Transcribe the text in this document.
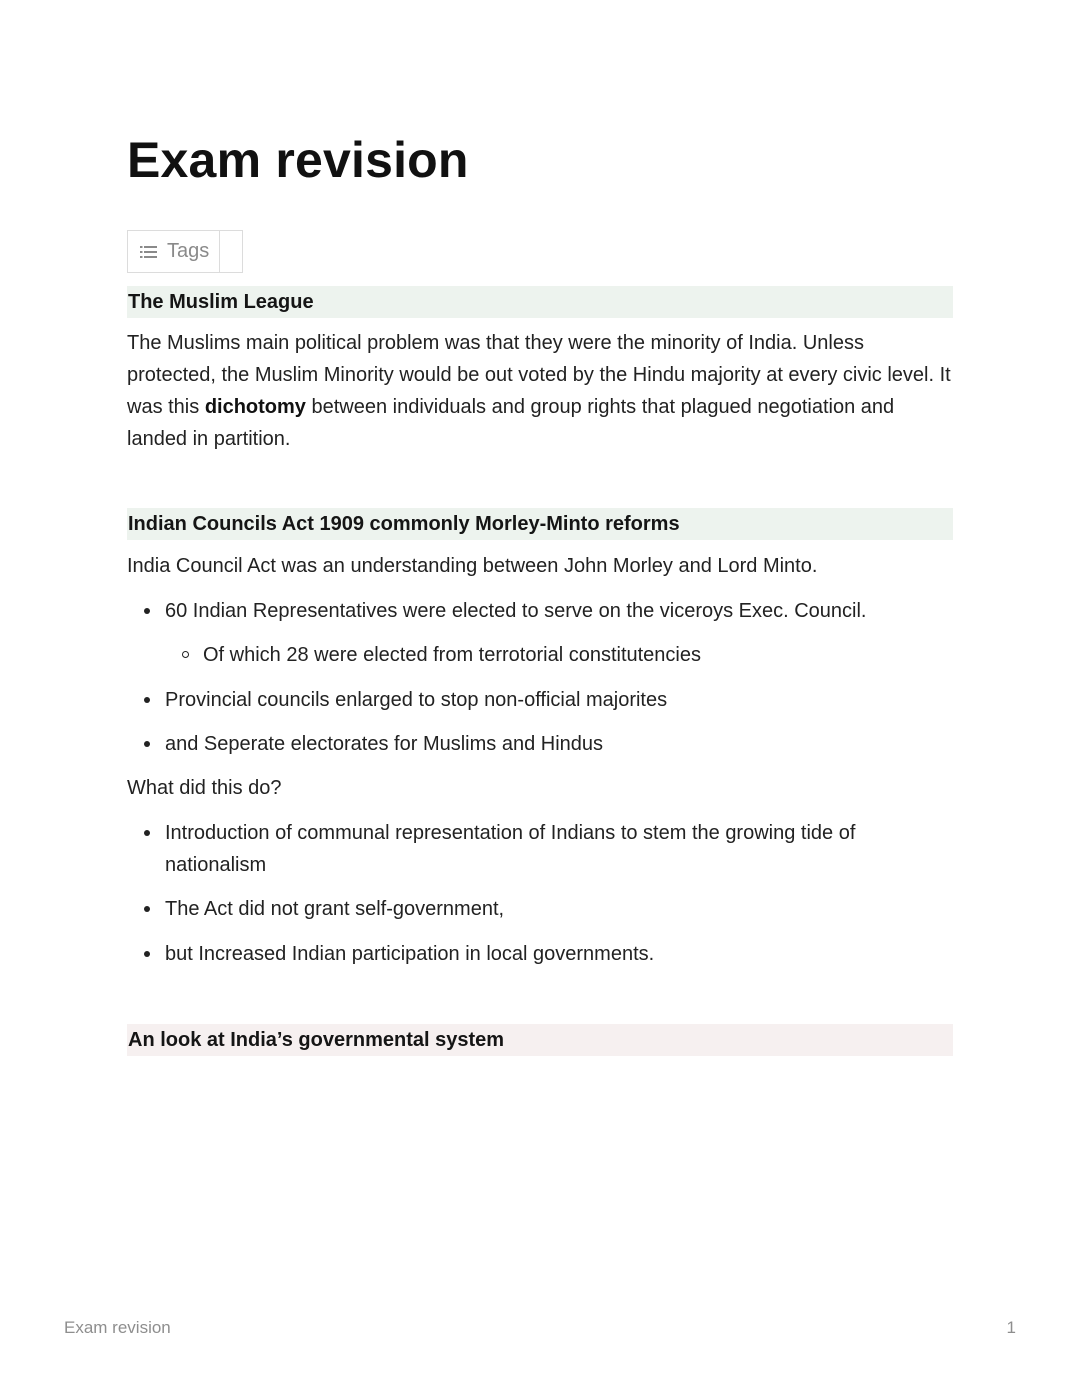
Exam revision
Tags
The Muslim League

The Muslims main political problem was that they were the minority of India. Unless protected, the Muslim Minority would be out voted by the Hindu majority at every civic level. It was this dichotomy between individuals and group rights that plagued negotiation and landed in partition.

Indian Councils Act 1909 commonly Morley-Minto reforms

India Council Act was an understanding between John Morley and Lord Minto.

60 Indian Representatives were elected to serve on the viceroys Exec. Council.
Of which 28 were elected from terrotorial constitutencies
Provincial councils enlarged to stop non-official majorites
and Seperate electorates for Muslims and Hindus

What did this do?

Introduction of communal representation of Indians to stem the growing tide of nationalism
The Act did not grant self-government,
but Increased Indian participation in local governments.
An look at India’s governmental system

Exam revision	1
